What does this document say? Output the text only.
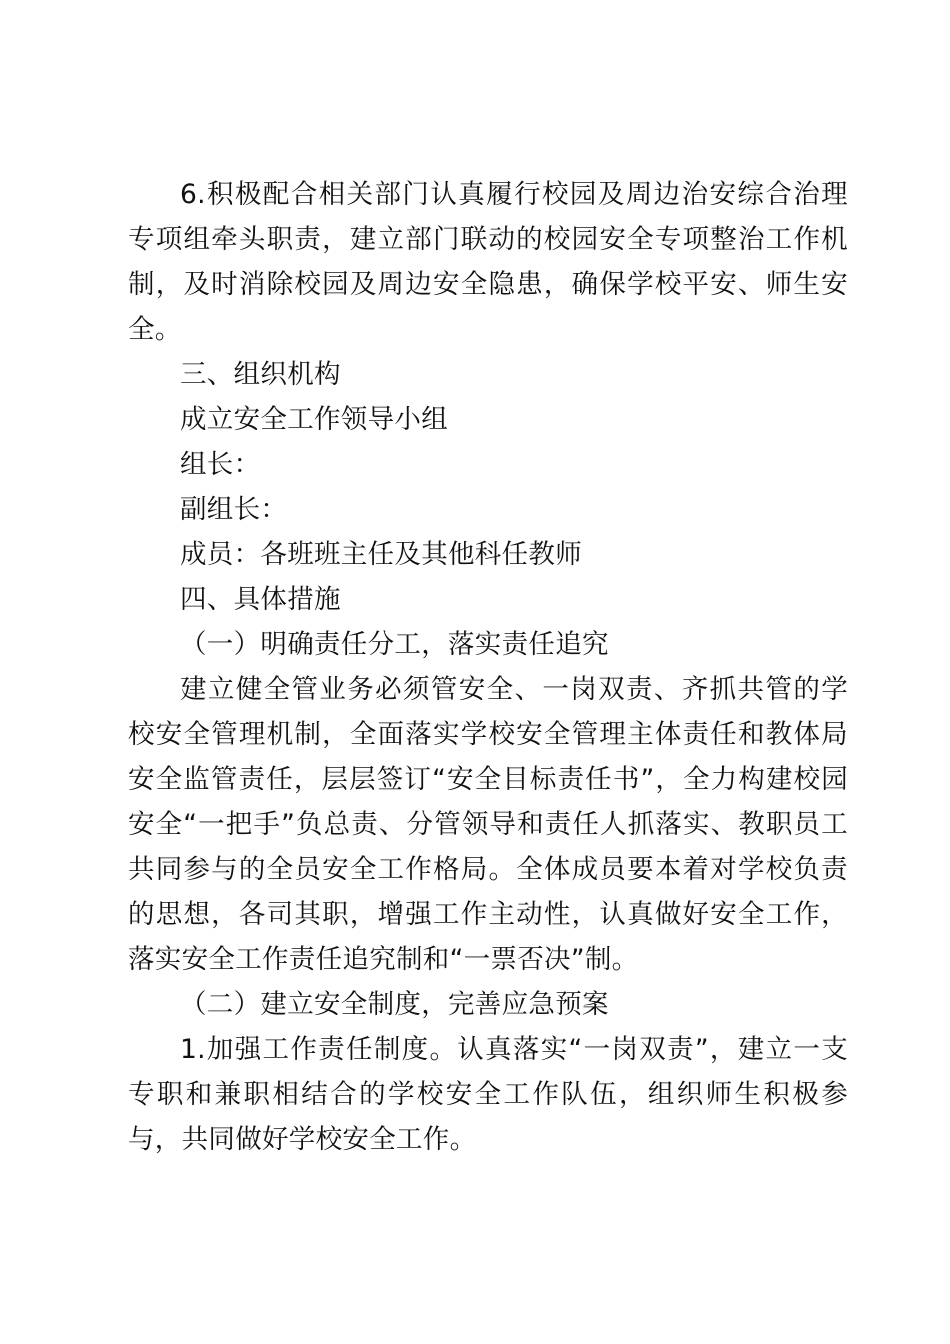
6.积极配合相关部门认真履行校园及周边治安综合治理专项组牵头职责，建立部门联动的校园安全专项整治工作机制，及时消除校园及周边安全隐患，确保学校平安、师生安全。

三、组织机构

成立安全工作领导小组

组长：

副组长：

成员：各班班主任及其他科任教师

四、具体措施

（一）明确责任分工，落实责任追究

建立健全管业务必须管安全、一岗双责、齐抓共管的学校安全管理机制，全面落实学校安全管理主体责任和教体局安全监管责任，层层签订“安全目标责任书”，全力构建校园安全“一把手”负总责、分管领导和责任人抓落实、教职员工共同参与的全员安全工作格局。全体成员要本着对学校负责的思想，各司其职，增强工作主动性，认真做好安全工作，落实安全工作责任追究制和“一票否决”制。

（二）建立安全制度，完善应急预案

1.加强工作责任制度。认真落实“一岗双责”，建立一支专职和兼职相结合的学校安全工作队伍，组织师生积极参与，共同做好学校安全工作。
